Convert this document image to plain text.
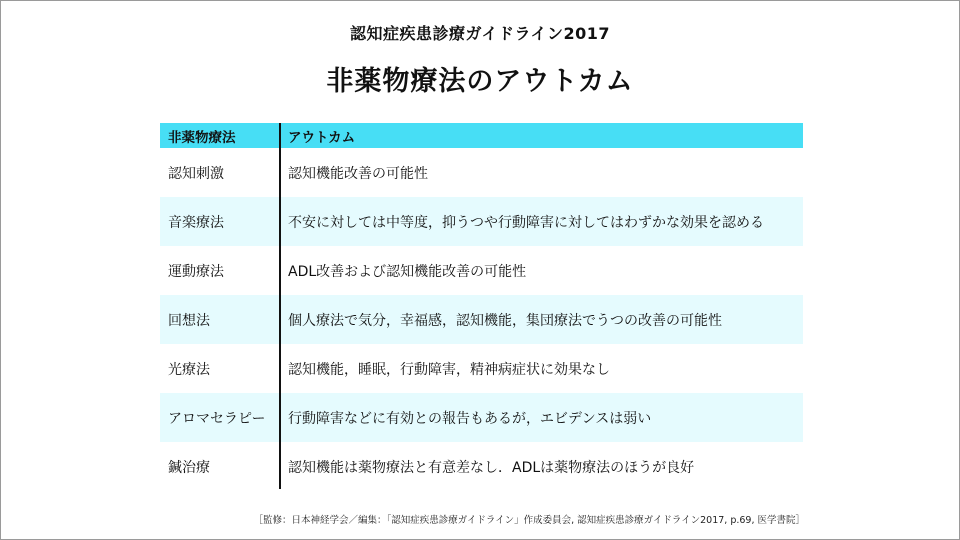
認知症疾患診療ガイドライン2017
非薬物療法のアウトカム
非薬物療法	アウトカム
認知刺激	認知機能改善の可能性
音楽療法	不安に対しては中等度，抑うつや行動障害に対してはわずかな効果を認める
運動療法	ADL改善および認知機能改善の可能性
回想法	個人療法で気分，幸福感，認知機能，集団療法でうつの改善の可能性
光療法	認知機能，睡眠，行動障害，精神病症状に効果なし
アロマセラピー	行動障害などに有効との報告もあるが，エビデンスは弱い
鍼治療	認知機能は薬物療法と有意差なし．ADLは薬物療法のほうが良好
［監修：日本神経学会／編集：「認知症疾患診療ガイドライン」作成委員会, 認知症疾患診療ガイドライン2017, p.69, 医学書院］
